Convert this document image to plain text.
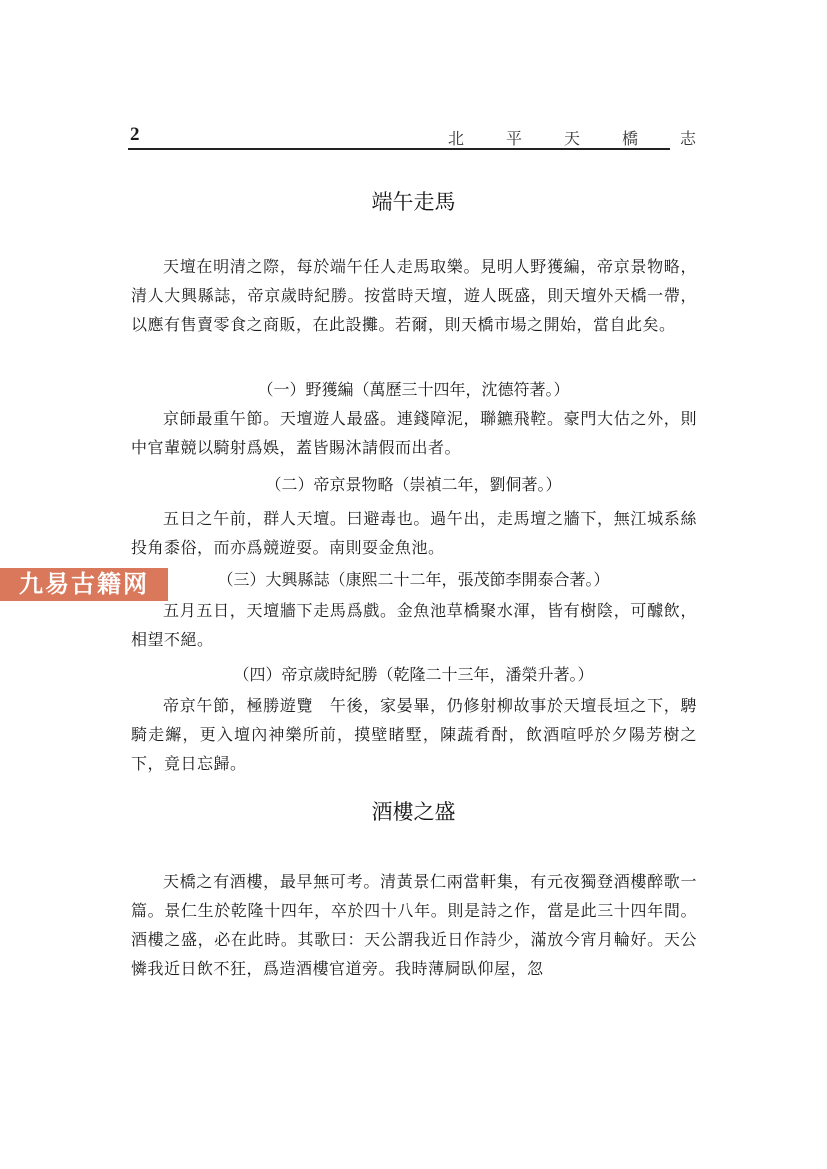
2	北平天橋志
端午走馬

天壇在明清之際，每於端午任人走馬取樂。見明人野獲編，帝京景物略，清人大興縣誌，帝京歲時紀勝。按當時天壇，遊人既盛，則天壇外天橋一帶，以應有售賣零食之商販，在此設攤。若爾，則天橋市場之開始，當自此矣。

（一）野獲編（萬歷三十四年，沈德符著。）

京師最重午節。天壇遊人最盛。連錢障泥，聯鑣飛鞚。豪門大估之外，則中官輩競以騎射爲娛，蓋皆賜沐請假而出者。

（二）帝京景物略（崇禎二年，劉侗著。）

五日之午前，群人天壇。曰避毒也。過午出，走馬壇之牆下，無江城系絲投角黍俗，而亦爲競遊耍。南則耍金魚池。

（三）大興縣誌（康熙二十二年，張茂節李開泰合著。）

五月五日，天壇牆下走馬爲戲。金魚池草橋聚水渾，皆有樹陰，可醵飲，相望不絕。

（四）帝京歲時紀勝（乾隆二十三年，潘榮升著。）

帝京午節，極勝遊覽　午後，家晏畢，仍修射柳故事於天壇長垣之下，騁騎走繲，更入壇內神樂所前，摸壁睹墅，陳蔬肴酎，飲酒喧呼於夕陽芳樹之下，竟日忘歸。

酒樓之盛

天橋之有酒樓，最早無可考。清黃景仁兩當軒集，有元夜獨登酒樓醉歌一篇。景仁生於乾隆十四年，卒於四十八年。則是詩之作，當是此三十四年間。酒樓之盛，必在此時。其歌曰：天公謂我近日作詩少，滿放今宵月輪好。天公憐我近日飲不狂，爲造酒樓官道旁。我時薄屙臥仰屋，忽

九易古籍网
